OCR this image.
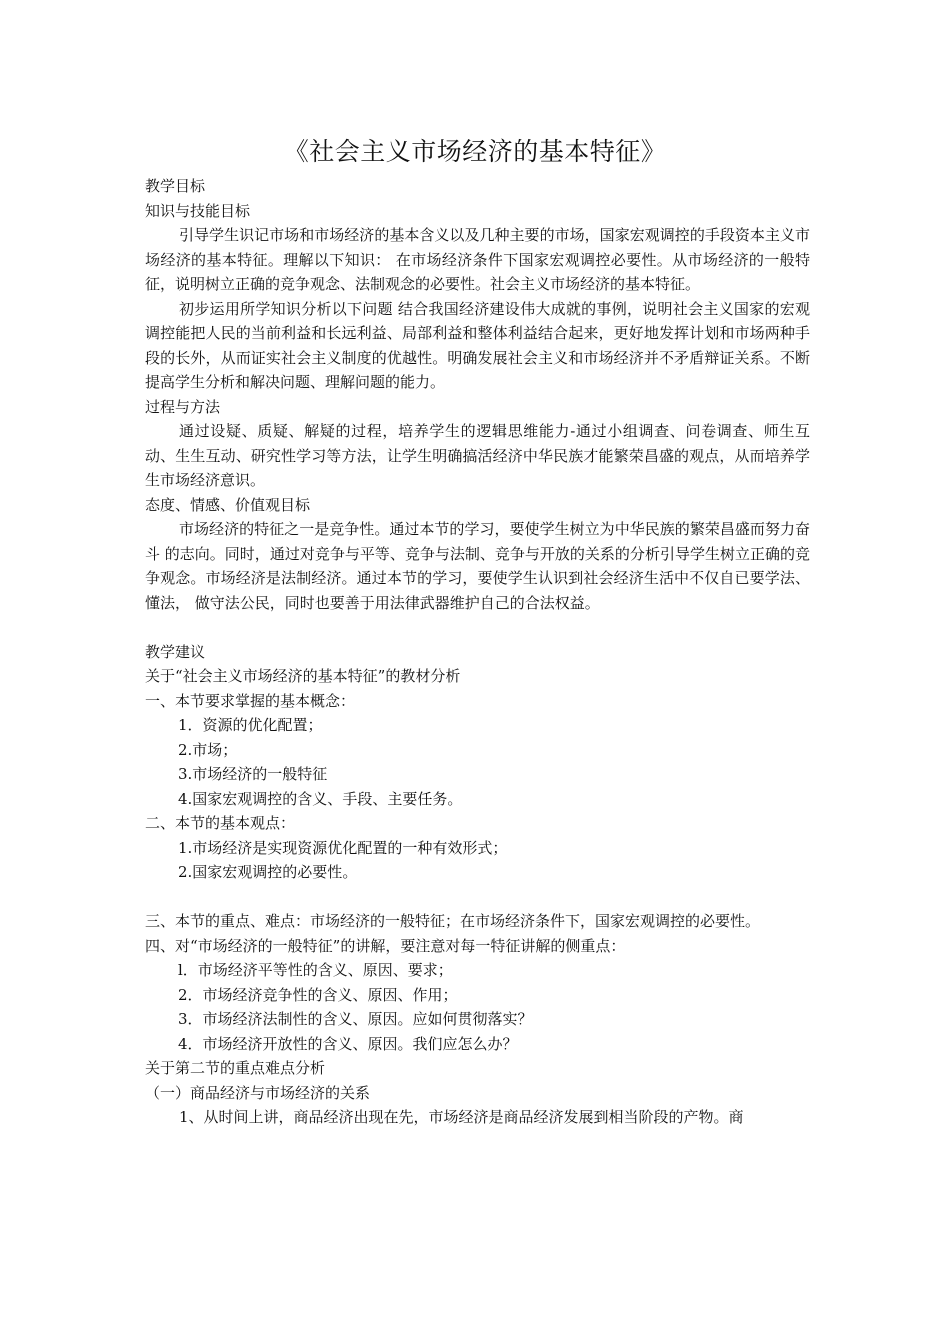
《社会主义市场经济的基本特征》

教学目标

知识与技能目标

引导学生识记市场和市场经济的基本含义以及几种主要的市场，国家宏观调控的手段资本主义市场经济的基本特征。理解以下知识： 在市场经济条件下国家宏观调控必要性。从市场经济的一般特征，说明树立正确的竞争观念、法制观念的必要性。社会主义市场经济的基本特征。

初步运用所学知识分析以下问题 结合我国经济建设伟大成就的事例，说明社会主义国家的宏观调控能把人民的当前利益和长远利益、局部利益和整体利益结合起来，更好地发挥计划和市场两种手段的长外，从而证实社会主义制度的优越性。明确发展社会主义和市场经济并不矛盾辩证关系。不断提高学生分析和解决问题、理解问题的能力。

过程与方法

通过设疑、质疑、解疑的过程，培养学生的逻辑思维能力-通过小组调查、问卷调查、师生互动、生生互动、研究性学习等方法，让学生明确搞活经济中华民族才能繁荣昌盛的观点，从而培养学生市场经济意识。

态度、情感、价值观目标

市场经济的特征之一是竞争性。通过本节的学习，要使学生树立为中华民族的繁荣昌盛而努力奋斗 的志向。同时，通过对竞争与平等、竞争与法制、竞争与开放的关系的分析引导学生树立正确的竞争观念。市场经济是法制经济。通过本节的学习，要使学生认识到社会经济生活中不仅自已要学法、懂法， 做守法公民，同时也要善于用法律武器维护自己的合法权益。

教学建议

关于“社会主义市场经济的基本特征”的教材分析

一、本节要求掌握的基本概念：

1．资源的优化配置；

2.市场；

3.市场经济的一般特征

4.国家宏观调控的含义、手段、主要任务。

二、本节的基本观点：

1.市场经济是实现资源优化配置的一种有效形式；

2.国家宏观调控的必要性。

三、本节的重点、难点：市场经济的一般特征；在市场经济条件下，国家宏观调控的必要性。

四、对“市场经济的一般特征”的讲解，要注意对每一特征讲解的侧重点：

l．市场经济平等性的含义、原因、要求；

2．市场经济竞争性的含义、原因、作用；

3．市场经济法制性的含义、原因。应如何贯彻落实？

4．市场经济开放性的含义、原因。我们应怎么办？

关于第二节的重点难点分析

（一）商品经济与市场经济的关系

1、从时间上讲，商品经济出现在先，市场经济是商品经济发展到相当阶段的产物。商
